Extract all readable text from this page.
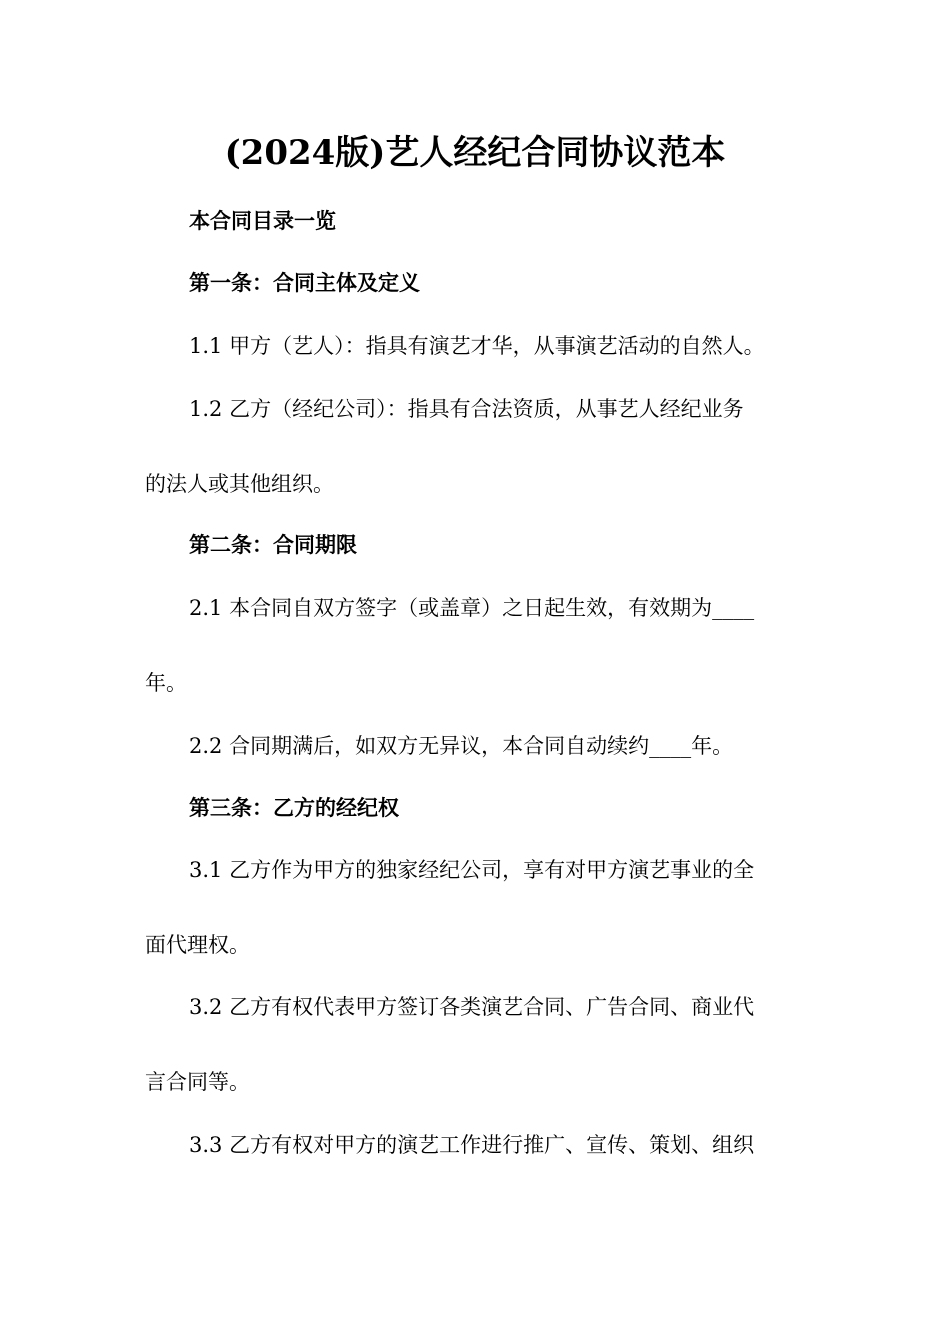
(2024版)艺人经纪合同协议范本
本合同目录一览
第一条：合同主体及定义
1.1 甲方（艺人）：指具有演艺才华，从事演艺活动的自然人。
1.2 乙方（经纪公司）：指具有合法资质，从事艺人经纪业务
的法人或其他组织。
第二条：合同期限
2.1 本合同自双方签字（或盖章）之日起生效，有效期为____
年。
2.2 合同期满后，如双方无异议，本合同自动续约____年。
第三条：乙方的经纪权
3.1 乙方作为甲方的独家经纪公司，享有对甲方演艺事业的全
面代理权。
3.2 乙方有权代表甲方签订各类演艺合同、广告合同、商业代
言合同等。
3.3 乙方有权对甲方的演艺工作进行推广、宣传、策划、组织
